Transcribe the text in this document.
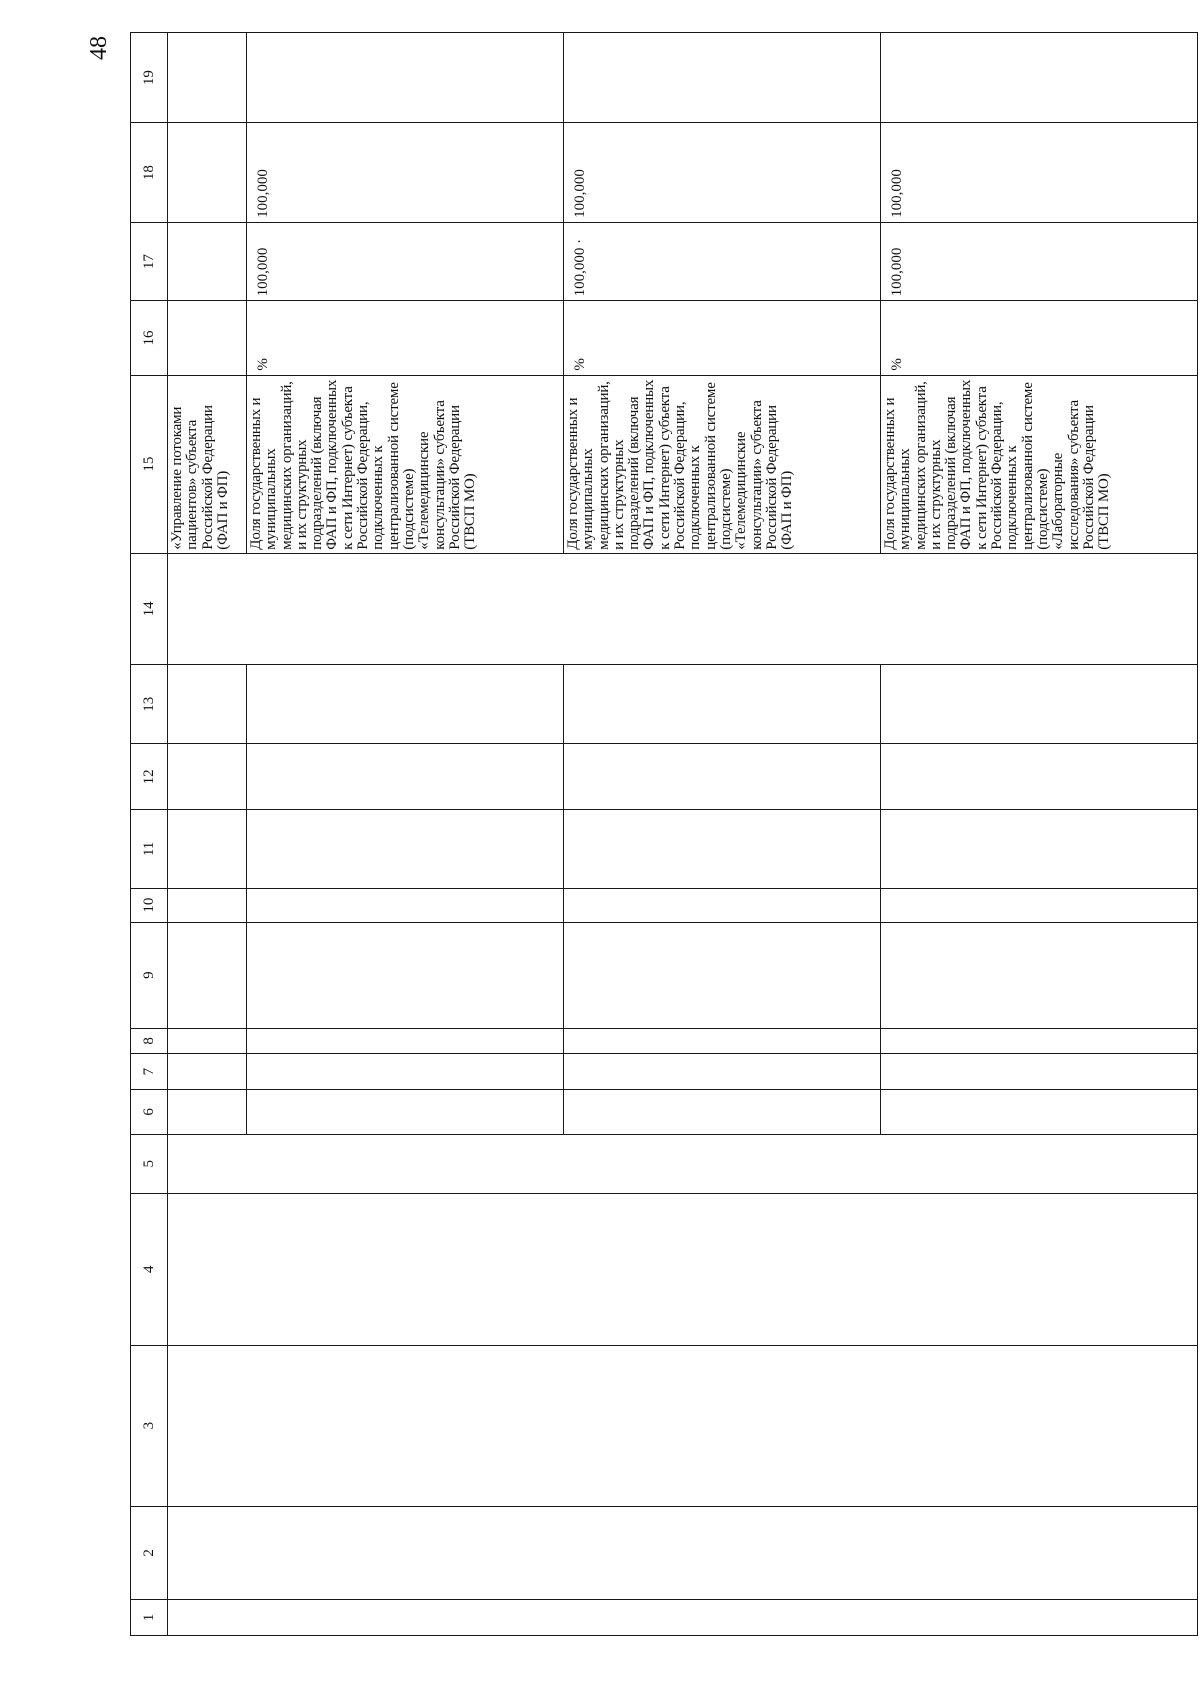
48
1	2	3	4	5	6	7	8	9	10	11	12	13	14	15	16	17	18	19
														«Управление потоками пациентов» субъекта Российской Федерации (ФАП и ФП)				
														Доля государственных и муниципальных медицинских организаций, и их структурных подразделений (включая ФАП и ФП, подключенных к сети Интернет) субъекта Российской Федерации, подключенных к централизованной системе (подсистеме) «Телемедицинские консультации» субъекта Российской Федерации (ТВСП МО)	%	100,000	100,000	
														Доля государственных и муниципальных медицинских организаций, и их структурных подразделений (включая ФАП и ФП, подключенных к сети Интернет) субъекта Российской Федерации, подключенных к централизованной системе (подсистеме) «Телемедицинские консультации» субъекта Российской Федерации (ФАП и ФП)	%	100,000 ·	100,000	
														Доля государственных и муниципальных медицинских организаций, и их структурных подразделений (включая ФАП и ФП, подключенных к сети Интернет) субъекта Российской Федерации, подключенных к централизованной системе (подсистеме) «Лабораторные исследования» субъекта Российской Федерации (ТВСП МО)	%	100,000	100,000	
